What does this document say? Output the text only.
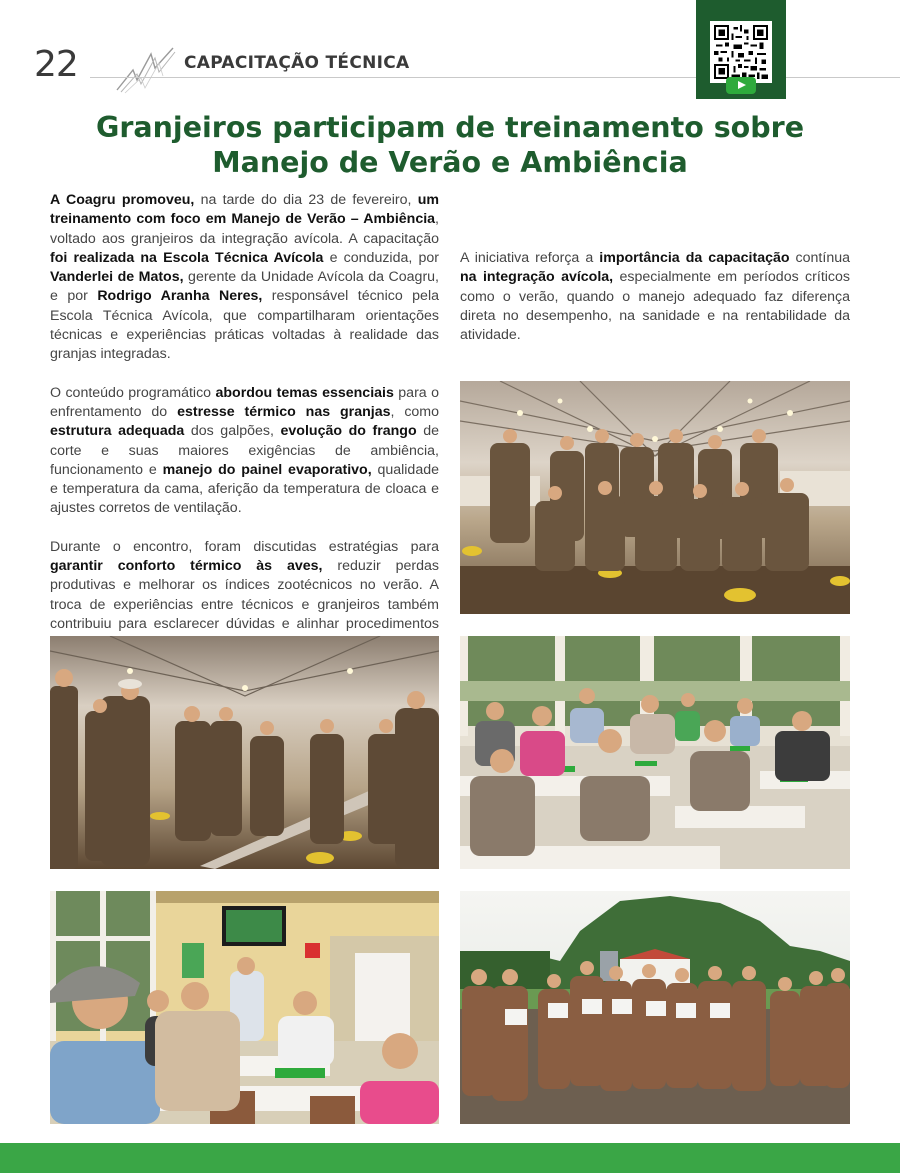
22	CAPACITAÇÃO TÉCNICA
Granjeiros participam de treinamento sobre
Manejo de Verão e Ambiência

A Coagru promoveu, na tarde do dia 23 de fevereiro, um treinamento com foco em Manejo de Verão – Ambiência, voltado aos granjeiros da integração avícola. A capacitação foi realizada na Escola Técnica Avícola e conduzida, por Vanderlei de Matos, gerente da Unidade Avícola da Coagru, e por Rodrigo Aranha Neres, responsável técnico pela Escola Técnica Avícola, que compartilharam orientações técnicas e experiências práticas voltadas à realidade das granjas integradas.

O conteúdo programático abordou temas essenciais para o enfrentamento do estresse térmico nas granjas, como estrutura adequada dos galpões, evolução do frango de corte e suas maiores exigências de ambiência, funcionamento e manejo do painel evaporativo, qualidade e temperatura da cama, aferição da temperatura de cloaca e ajustes corretos de ventilação.

Durante o encontro, foram discutidas estratégias para garantir conforto térmico às aves, reduzir perdas produtivas e melhorar os índices zootécnicos no verão. A troca de experiências entre técnicos e granjeiros também contribuiu para esclarecer dúvidas e alinhar procedimentos

A iniciativa reforça a importância da capacitação contínua na integração avícola, especialmente em períodos críticos como o verão, quando o manejo adequado faz diferença direta no desempenho, na sanidade e na rentabilidade da atividade.
